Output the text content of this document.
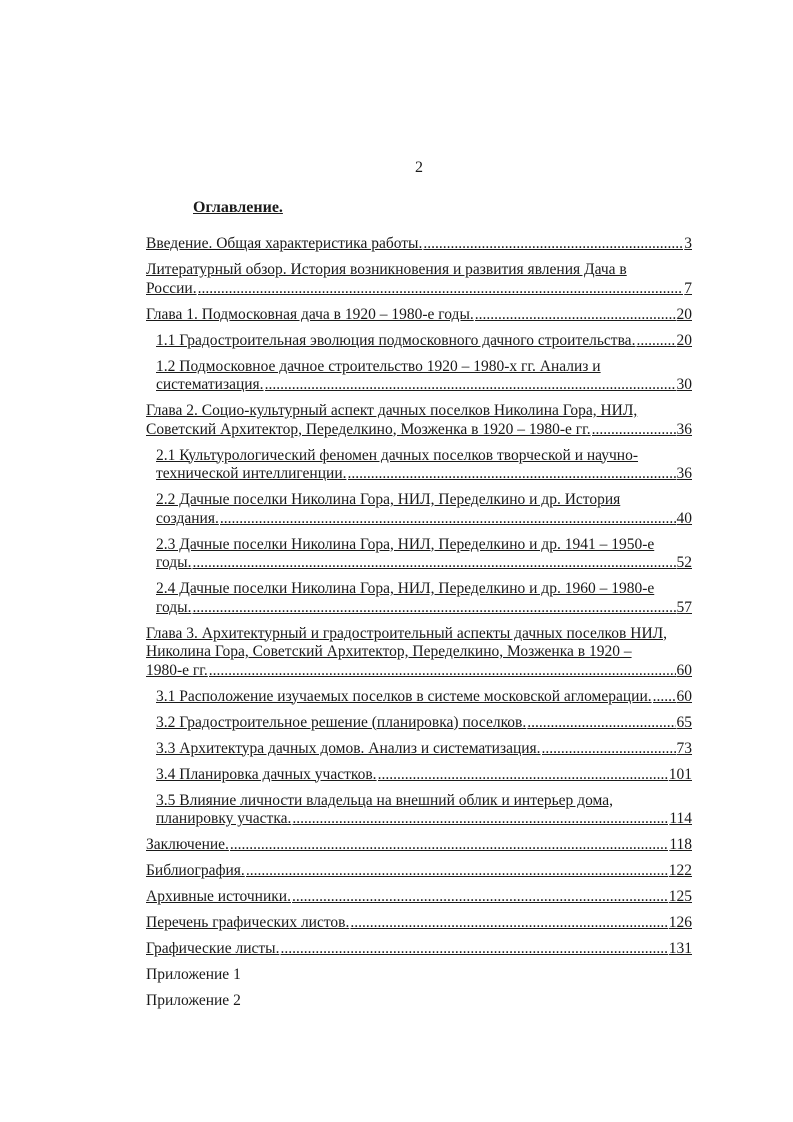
2
Оглавление.
Введение. Общая характеристика работы. .....	3
Литературный обзор. История возникновения и развития явления Дача в
России. .....	7
Глава 1. Подмосковная дача в 1920 – 1980-е годы. .....	20
1.1 Градостроительная эволюция подмосковного дачного строительства. .....	20
1.2 Подмосковное дачное строительство 1920 – 1980-х гг. Анализ и
систематизация. .....	30
Глава 2. Социо-культурный аспект дачных поселков Николина Гора, НИЛ,
Советский Архитектор, Переделкино, Мозженка в 1920 – 1980-е гг. .....	36
2.1 Культурологический феномен дачных поселков творческой и научно-
технической интеллигенции. .....	36
2.2 Дачные поселки Николина Гора, НИЛ, Переделкино и др. История
создания. .....	40
2.3 Дачные поселки Николина Гора, НИЛ, Переделкино и др. 1941 – 1950-е
годы. .....	52
2.4 Дачные поселки Николина Гора, НИЛ, Переделкино и др. 1960 – 1980-е
годы. .....	57
Глава 3. Архитектурный и градостроительный аспекты дачных поселков НИЛ, Николина Гора, Советский Архитектор, Переделкино, Мозженка в 1920 –
1980-е гг. .....	60
3.1 Расположение изучаемых поселков в системе московской агломерации. ..... 60
3.2 Градостроительное решение (планировка) поселков. .....	65
3.3 Архитектура дачных домов. Анализ и систематизация. .....	73
3.4 Планировка дачных участков. .....	101
3.5 Влияние личности владельца на внешний облик и интерьер дома,
планировку участка. .....	114
Заключение. .....	118
Библиография. .....	122
Архивные источники. .....	125
Перечень графических листов. .....	126
Графические листы. .....	131
Приложение 1
Приложение 2
